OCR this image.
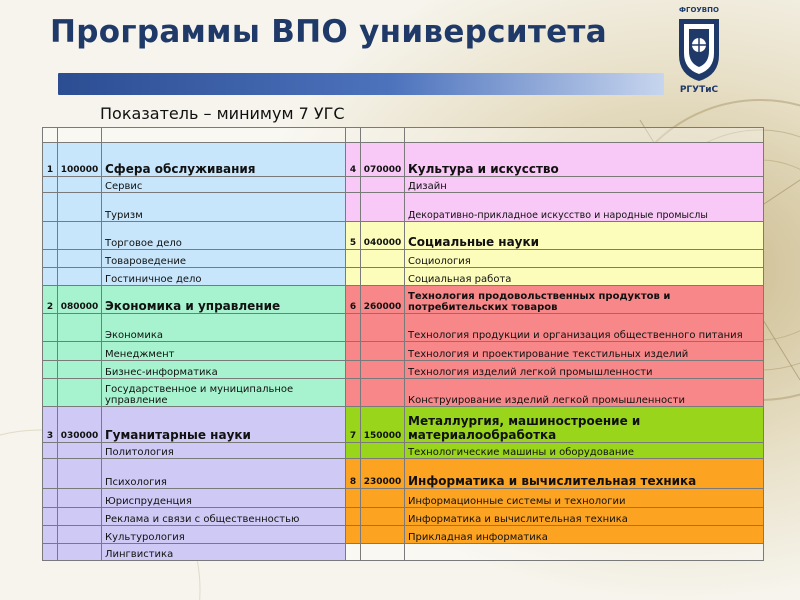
Программы ВПО университета
ФГОУВПО
РГУТиС

Показатель – минимум 7 УГС

1	100000	Сфера обслуживания	4	070000	Культура и искусство
		Сервис			Дизайн
		Туризм			Декоративно-прикладное искусство и народные промыслы
		Торговое дело	5	040000	Социальные науки
		Товароведение			Социология
		Гостиничное дело			Социальная работа
2	080000	Экономика и управление	6	260000	Технология продовольственных продуктов и потребительских товаров
		Экономика			Технология продукции и организация общественного питания
		Менеджмент			Технология и проектирование текстильных изделий
		Бизнес-информатика			Технология изделий легкой промышленности
		Государственное и муниципальное управление			Конструирование изделий легкой промышленности
3	030000	Гуманитарные науки	7	150000	Металлургия, машиностроение и материалообработка
		Политология			Технологические машины и оборудование
		Психология	8	230000	Информатика и вычислительная техника
		Юриспруденция			Информационные системы и технологии
		Реклама и связи с общественностью			Информатика и вычислительная техника
		Культурология			Прикладная информатика
		Лингвистика			
